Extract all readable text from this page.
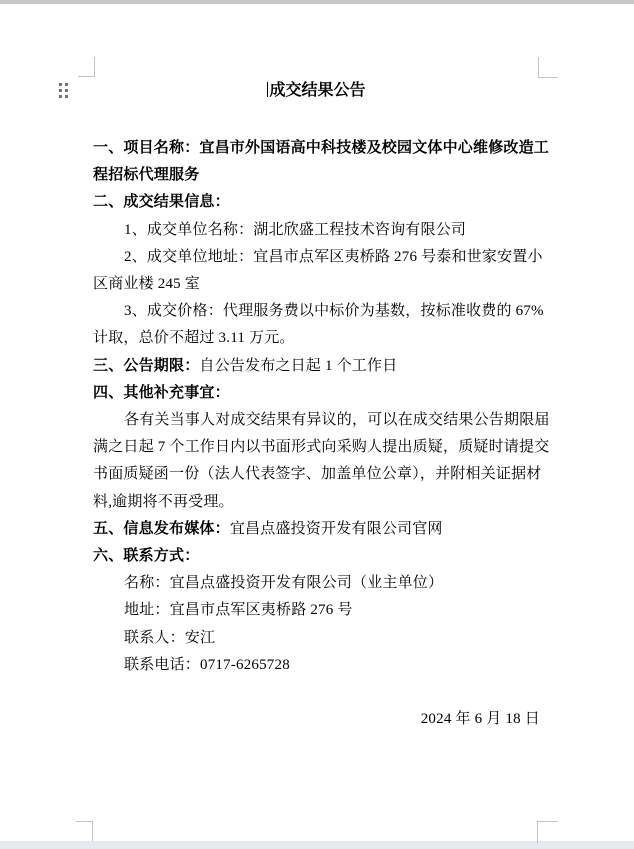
成交结果公告
一、项目名称：宜昌市外国语高中科技楼及校园文体中心维修改造工
程招标代理服务
二、成交结果信息：
1、成交单位名称：湖北欣盛工程技术咨询有限公司
2、成交单位地址：宜昌市点军区夷桥路 276 号泰和世家安置小
区商业楼 245 室
3、成交价格：代理服务费以中标价为基数，按标准收费的 67%
计取，总价不超过 3.11 万元。
三、公告期限：自公告发布之日起 1 个工作日
四、其他补充事宜：
各有关当事人对成交结果有异议的，可以在成交结果公告期限届
满之日起 7 个工作日内以书面形式向采购人提出质疑，质疑时请提交
书面质疑函一份（法人代表签字、加盖单位公章），并附相关证据材
料,逾期将不再受理。
五、信息发布媒体：宜昌点盛投资开发有限公司官网
六、联系方式：
名称：宜昌点盛投资开发有限公司（业主单位）
地址：宜昌市点军区夷桥路 276 号
联系人：安江
联系电话：0717-6265728

2024 年 6 月 18 日
